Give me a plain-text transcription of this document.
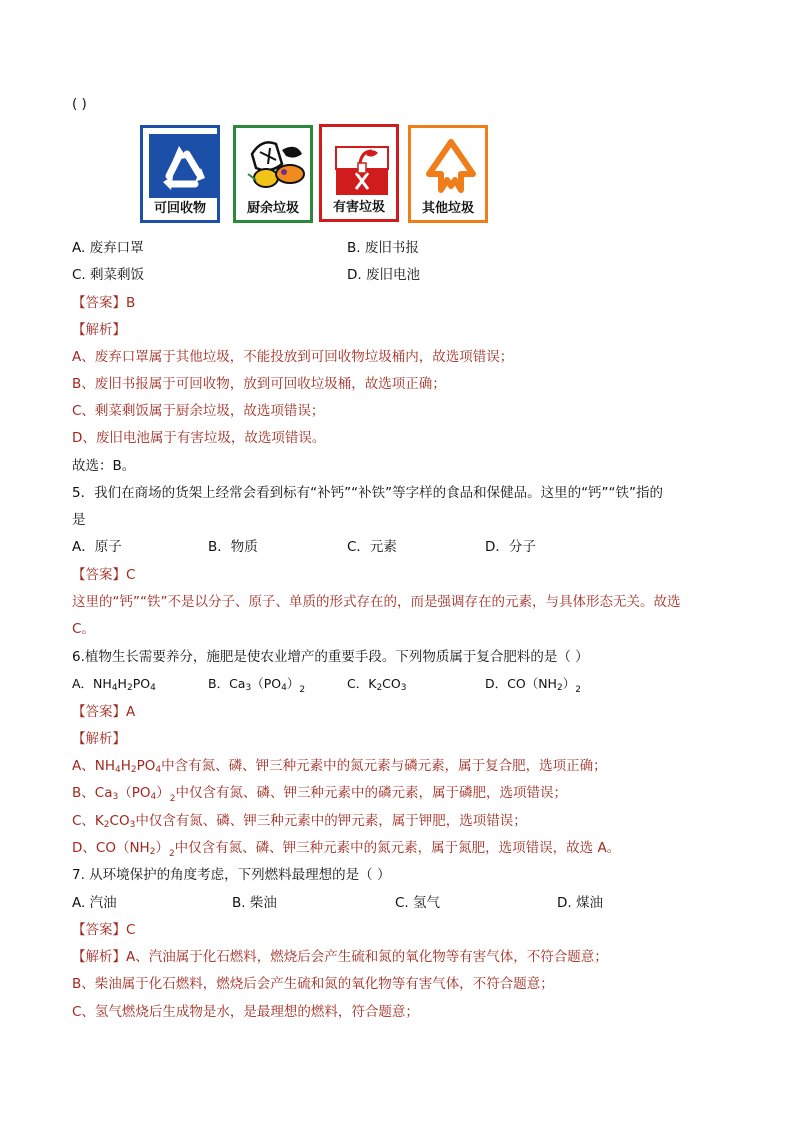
( )
可回收物	厨余垃圾	有害垃圾	其他垃圾
A. 废弃口罩	B. 废旧书报
C. 剩菜剩饭	D. 废旧电池
【答案】B
【解析】
A、废弃口罩属于其他垃圾，不能投放到可回收物垃圾桶内，故选项错误；
B、废旧书报属于可回收物，放到可回收垃圾桶，故选项正确；
C、剩菜剩饭属于厨余垃圾，故选项错误；
D、废旧电池属于有害垃圾，故选项错误。
故选：B。
5．我们在商场的货架上经常会看到标有“补钙”“补铁”等字样的食品和保健品。这里的“钙”“铁”指的
是
A．原子	B．物质	C．元素	D．分子
【答案】C
这里的“钙”“铁”不是以分子、原子、单质的形式存在的，而是强调存在的元素，与具体形态无关。故选
C。
6.植物生长需要养分，施肥是使农业增产的重要手段。下列物质属于复合肥料的是（ ）
A．$NH_4H_2PO_4$	B．$Ca_3(PO_4)_2$	C．$K_2CO_3$	D．$CO(NH_2)_2$
【答案】A
【解析】
A、$NH_4H_2PO_4$中含有氮、磷、钾三种元素中的氮元素与磷元素，属于复合肥，选项正确；
B、$Ca_3(PO_4)_2$中仅含有氮、磷、钾三种元素中的磷元素，属于磷肥，选项错误；
C、$K_2CO_3$中仅含有氮、磷、钾三种元素中的钾元素，属于钾肥，选项错误；
D、$CO(NH_2)_2$中仅含有氮、磷、钾三种元素中的氮元素，属于氮肥，选项错误，故选 A。
7. 从环境保护的角度考虑，下列燃料最理想的是（ ）
A. 汽油	B. 柴油	C. 氢气	D. 煤油
【答案】C
【解析】A、汽油属于化石燃料，燃烧后会产生硫和氮的氧化物等有害气体，不符合题意；
B、柴油属于化石燃料，燃烧后会产生硫和氮的氧化物等有害气体，不符合题意；
C、氢气燃烧后生成物是水，是最理想的燃料，符合题意；
